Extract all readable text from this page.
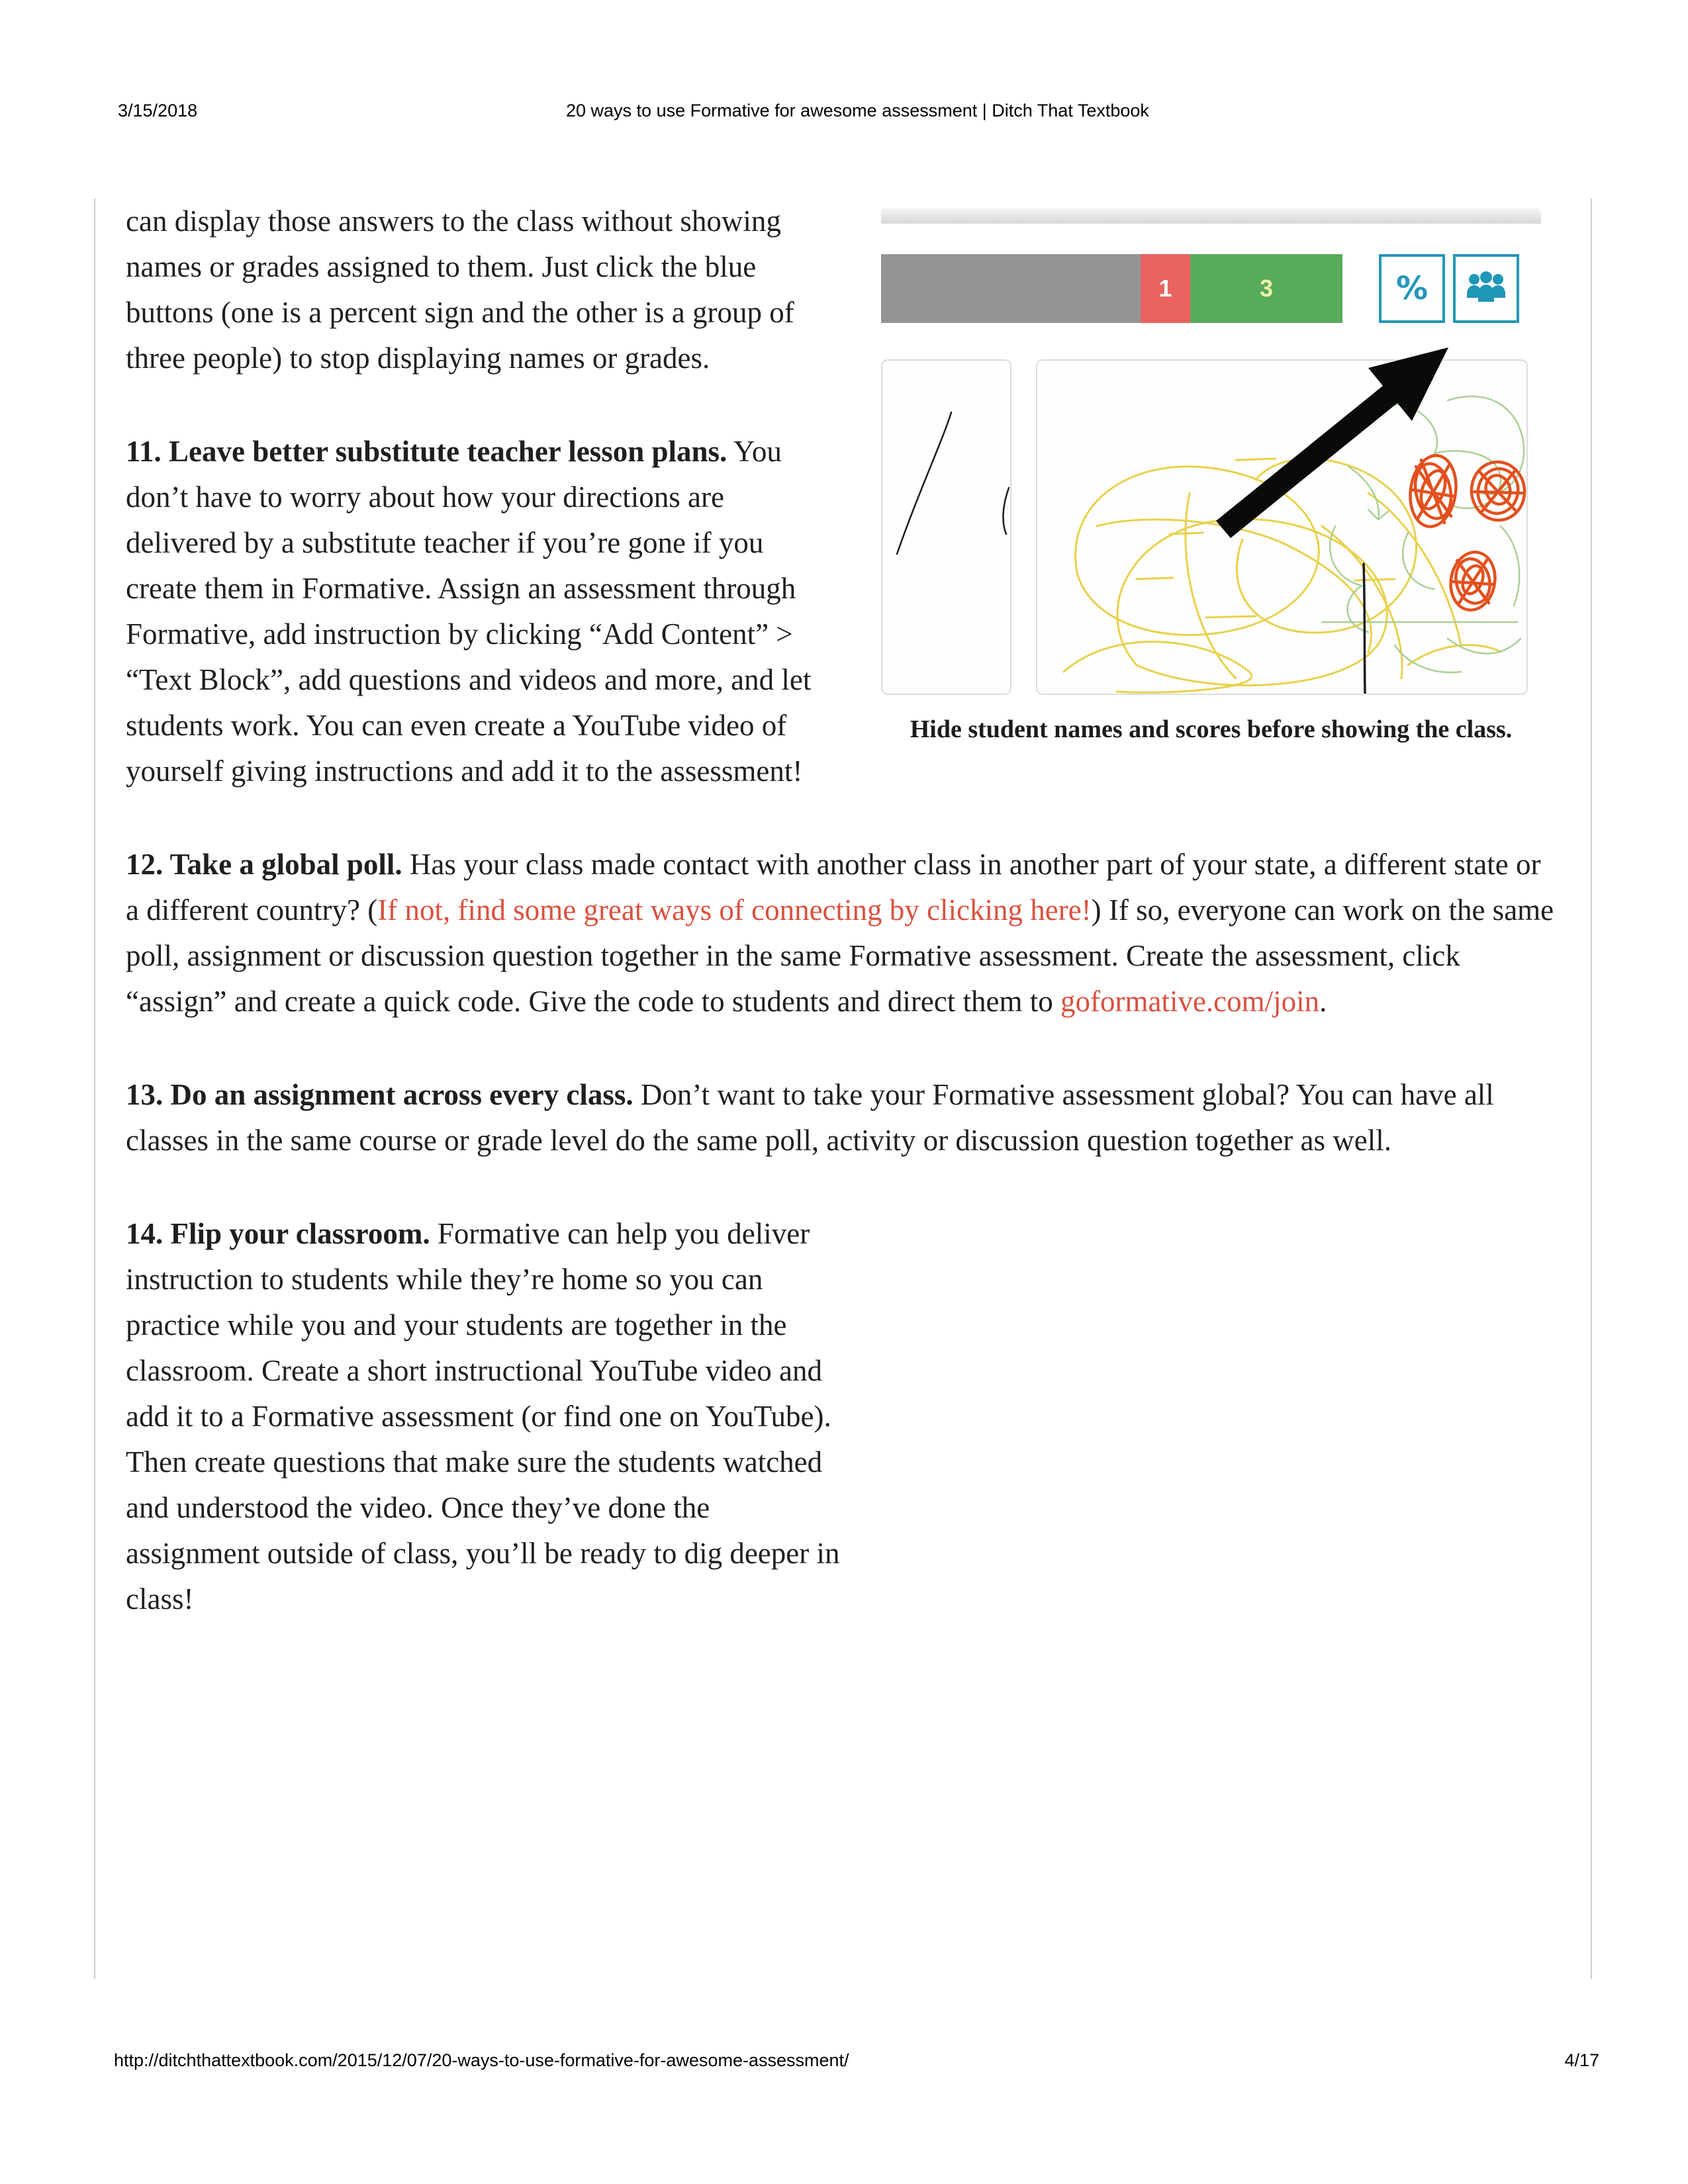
3/15/2018	20 ways to use Formative for awesome assessment | Ditch That Textbook
1	3	%
Hide student names and scores before showing the class.

can display those answers to the class without showing names or grades assigned to them. Just click the blue buttons (one is a percent sign and the other is a group of three people) to stop displaying names or grades.

11. Leave better substitute teacher lesson plans. You don’t have to worry about how your directions are delivered by a substitute teacher if you’re gone if you create them in Formative. Assign an assessment through Formative, add instruction by clicking “Add Content” > “Text Block”, add questions and videos and more, and let students work. You can even create a YouTube video of yourself giving instructions and add it to the assessment!

12. Take a global poll. Has your class made contact with another class in another part of your state, a different state or a different country? (If not, find some great ways of connecting by clicking here!) If so, everyone can work on the same poll, assignment or discussion question together in the same Formative assessment. Create the assessment, click “assign” and create a quick code. Give the code to students and direct them to goformative.com/join.

13. Do an assignment across every class. Don’t want to take your Formative assessment global? You can have all classes in the same course or grade level do the same poll, activity or discussion question together as well.

14. Flip your classroom. Formative can help you deliver instruction to students while they’re home so you can practice while you and your students are together in the classroom. Create a short instructional YouTube video and add it to a Formative assessment (or find one on YouTube). Then create questions that make sure the students watched and understood the video. Once they’ve done the assignment outside of class, you’ll be ready to dig deeper in class!

http://ditchthattextbook.com/2015/12/07/20-ways-to-use-formative-for-awesome-assessment/	4/17
